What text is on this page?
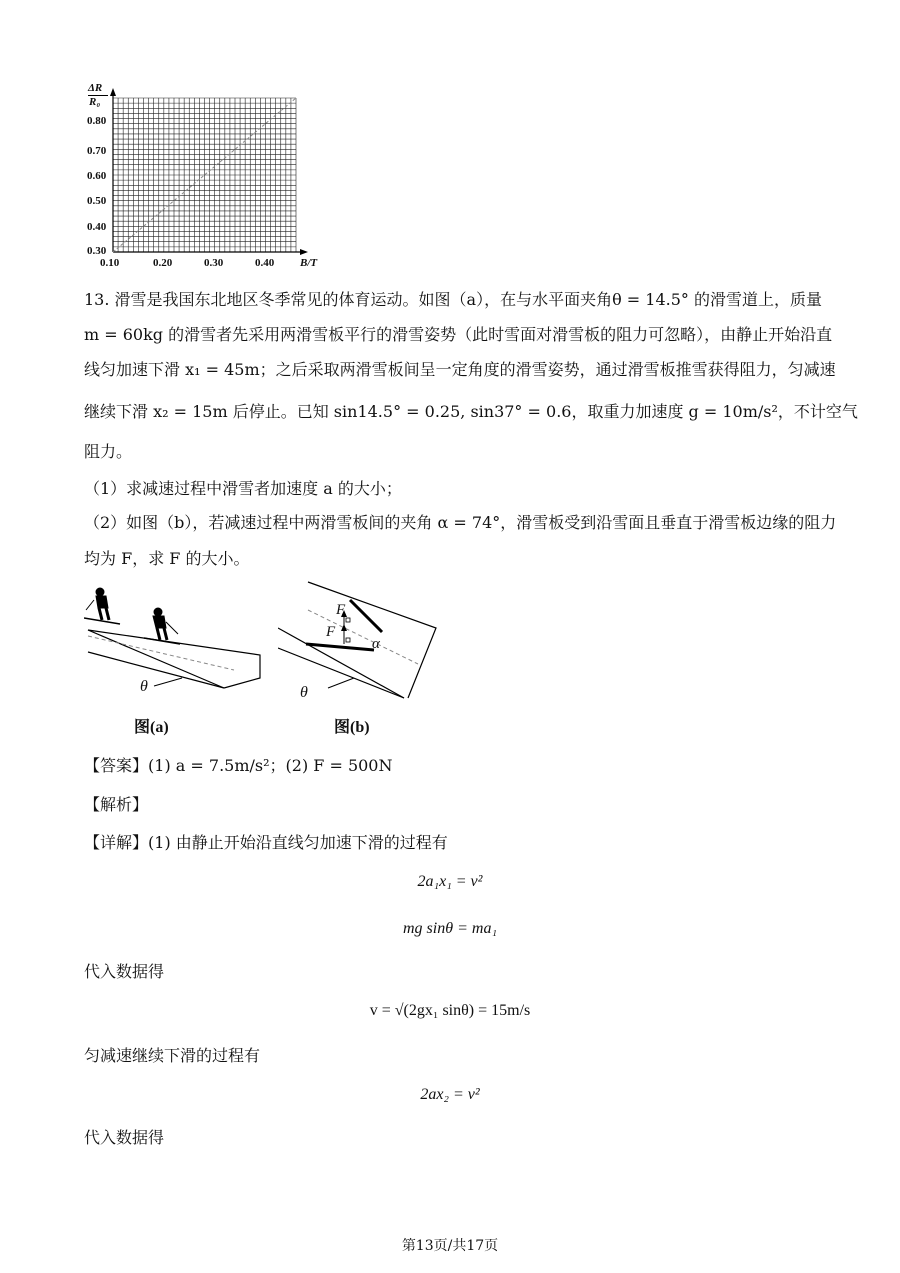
ΔR
R₀
B/T
0.80
0.70
0.60
0.50
0.40
0.30
0.10	0.20	0.30	0.40
13. 滑雪是我国东北地区冬季常见的体育运动。如图（a），在与水平面夹角θ = 14.5° 的滑雪道上，质量
m = 60kg 的滑雪者先采用两滑雪板平行的滑雪姿势（此时雪面对滑雪板的阻力可忽略），由静止开始沿直
线匀加速下滑 x₁ = 45m；之后采取两滑雪板间呈一定角度的滑雪姿势，通过滑雪板推雪获得阻力，匀减速
继续下滑 x₂ = 15m 后停止。已知 sin14.5° = 0.25, sin37° = 0.6，取重力加速度 g = 10m/s²，不计空气
阻力。
（1）求减速过程中滑雪者加速度 a 的大小；
（2）如图（b），若减速过程中两滑雪板间的夹角 α = 74°，滑雪板受到沿雪面且垂直于滑雪板边缘的阻力
均为 F，求 F 的大小。
θ
图(a)
F
F
α
θ
图(b)
【答案】(1) a = 7.5m/s²；(2) F = 500N
【解析】
【详解】(1) 由静止开始沿直线匀加速下滑的过程有
2a₁x₁ = v²
mg sinθ = ma₁
代入数据得
v = √(2gx₁ sinθ) = 15m/s
匀减速继续下滑的过程有
2ax₂ = v²
代入数据得
第13页/共17页
